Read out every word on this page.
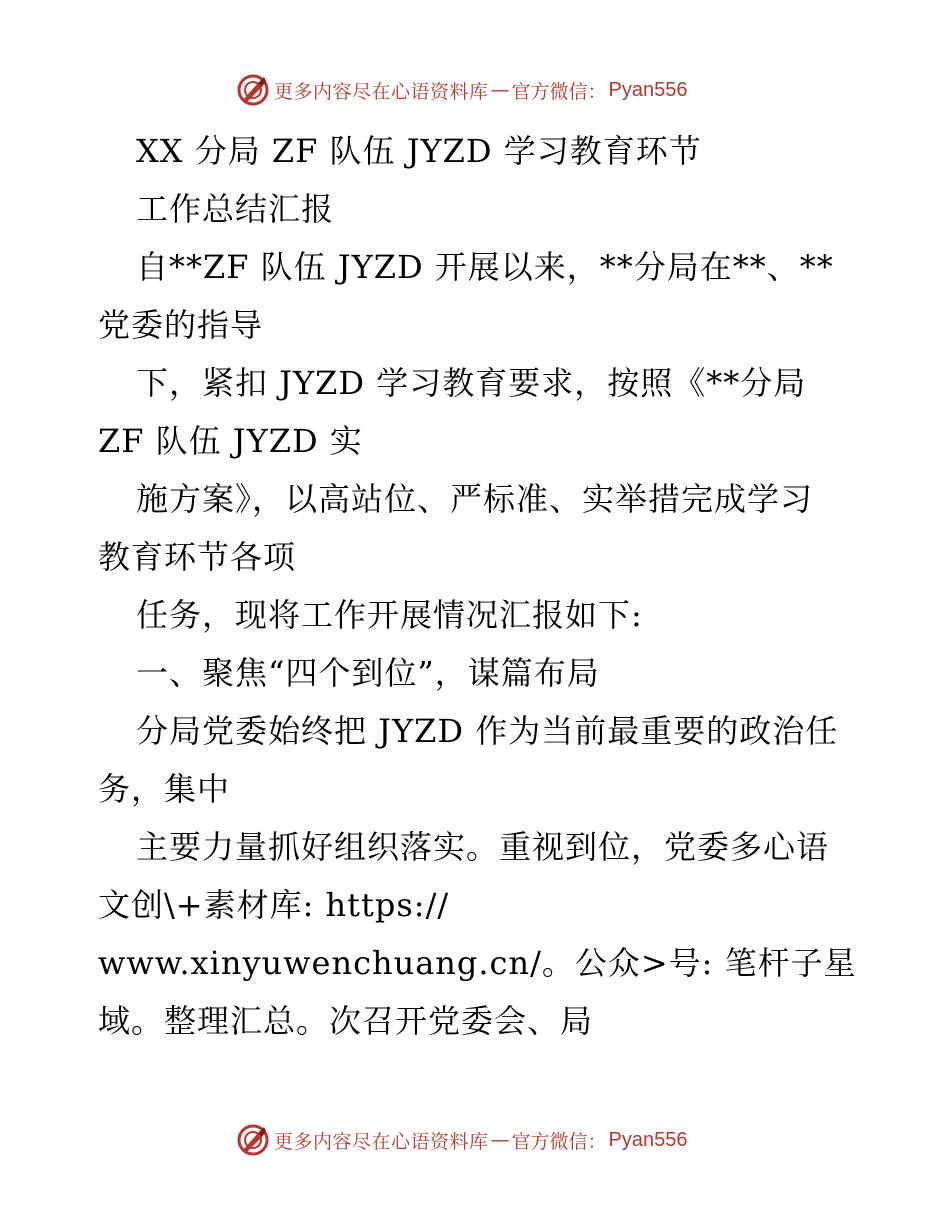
更多内容尽在心语资料库 — 官方微信： Pyan556
XX 分局 ZF 队伍 JYZD 学习教育环节
工作总结汇报
自**ZF 队伍 JYZD 开展以来，**分局在**、**
党委的指导
下，紧扣 JYZD 学习教育要求，按照《**分局
ZF 队伍 JYZD 实
施方案》，以高站位、严标准、实举措完成学习
教育环节各项
任务，现将工作开展情况汇报如下:
一、聚焦“四个到位”，谋篇布局
分局党委始终把 JYZD 作为当前最重要的政治任
务，集中
主要力量抓好组织落实。重视到位，党委多心语
文创\+素材库: https://
www.xinyuwenchuang.cn/。公众>号: 笔杆子星
域。整理汇总。次召开党委会、局
更多内容尽在心语资料库 — 官方微信： Pyan556
